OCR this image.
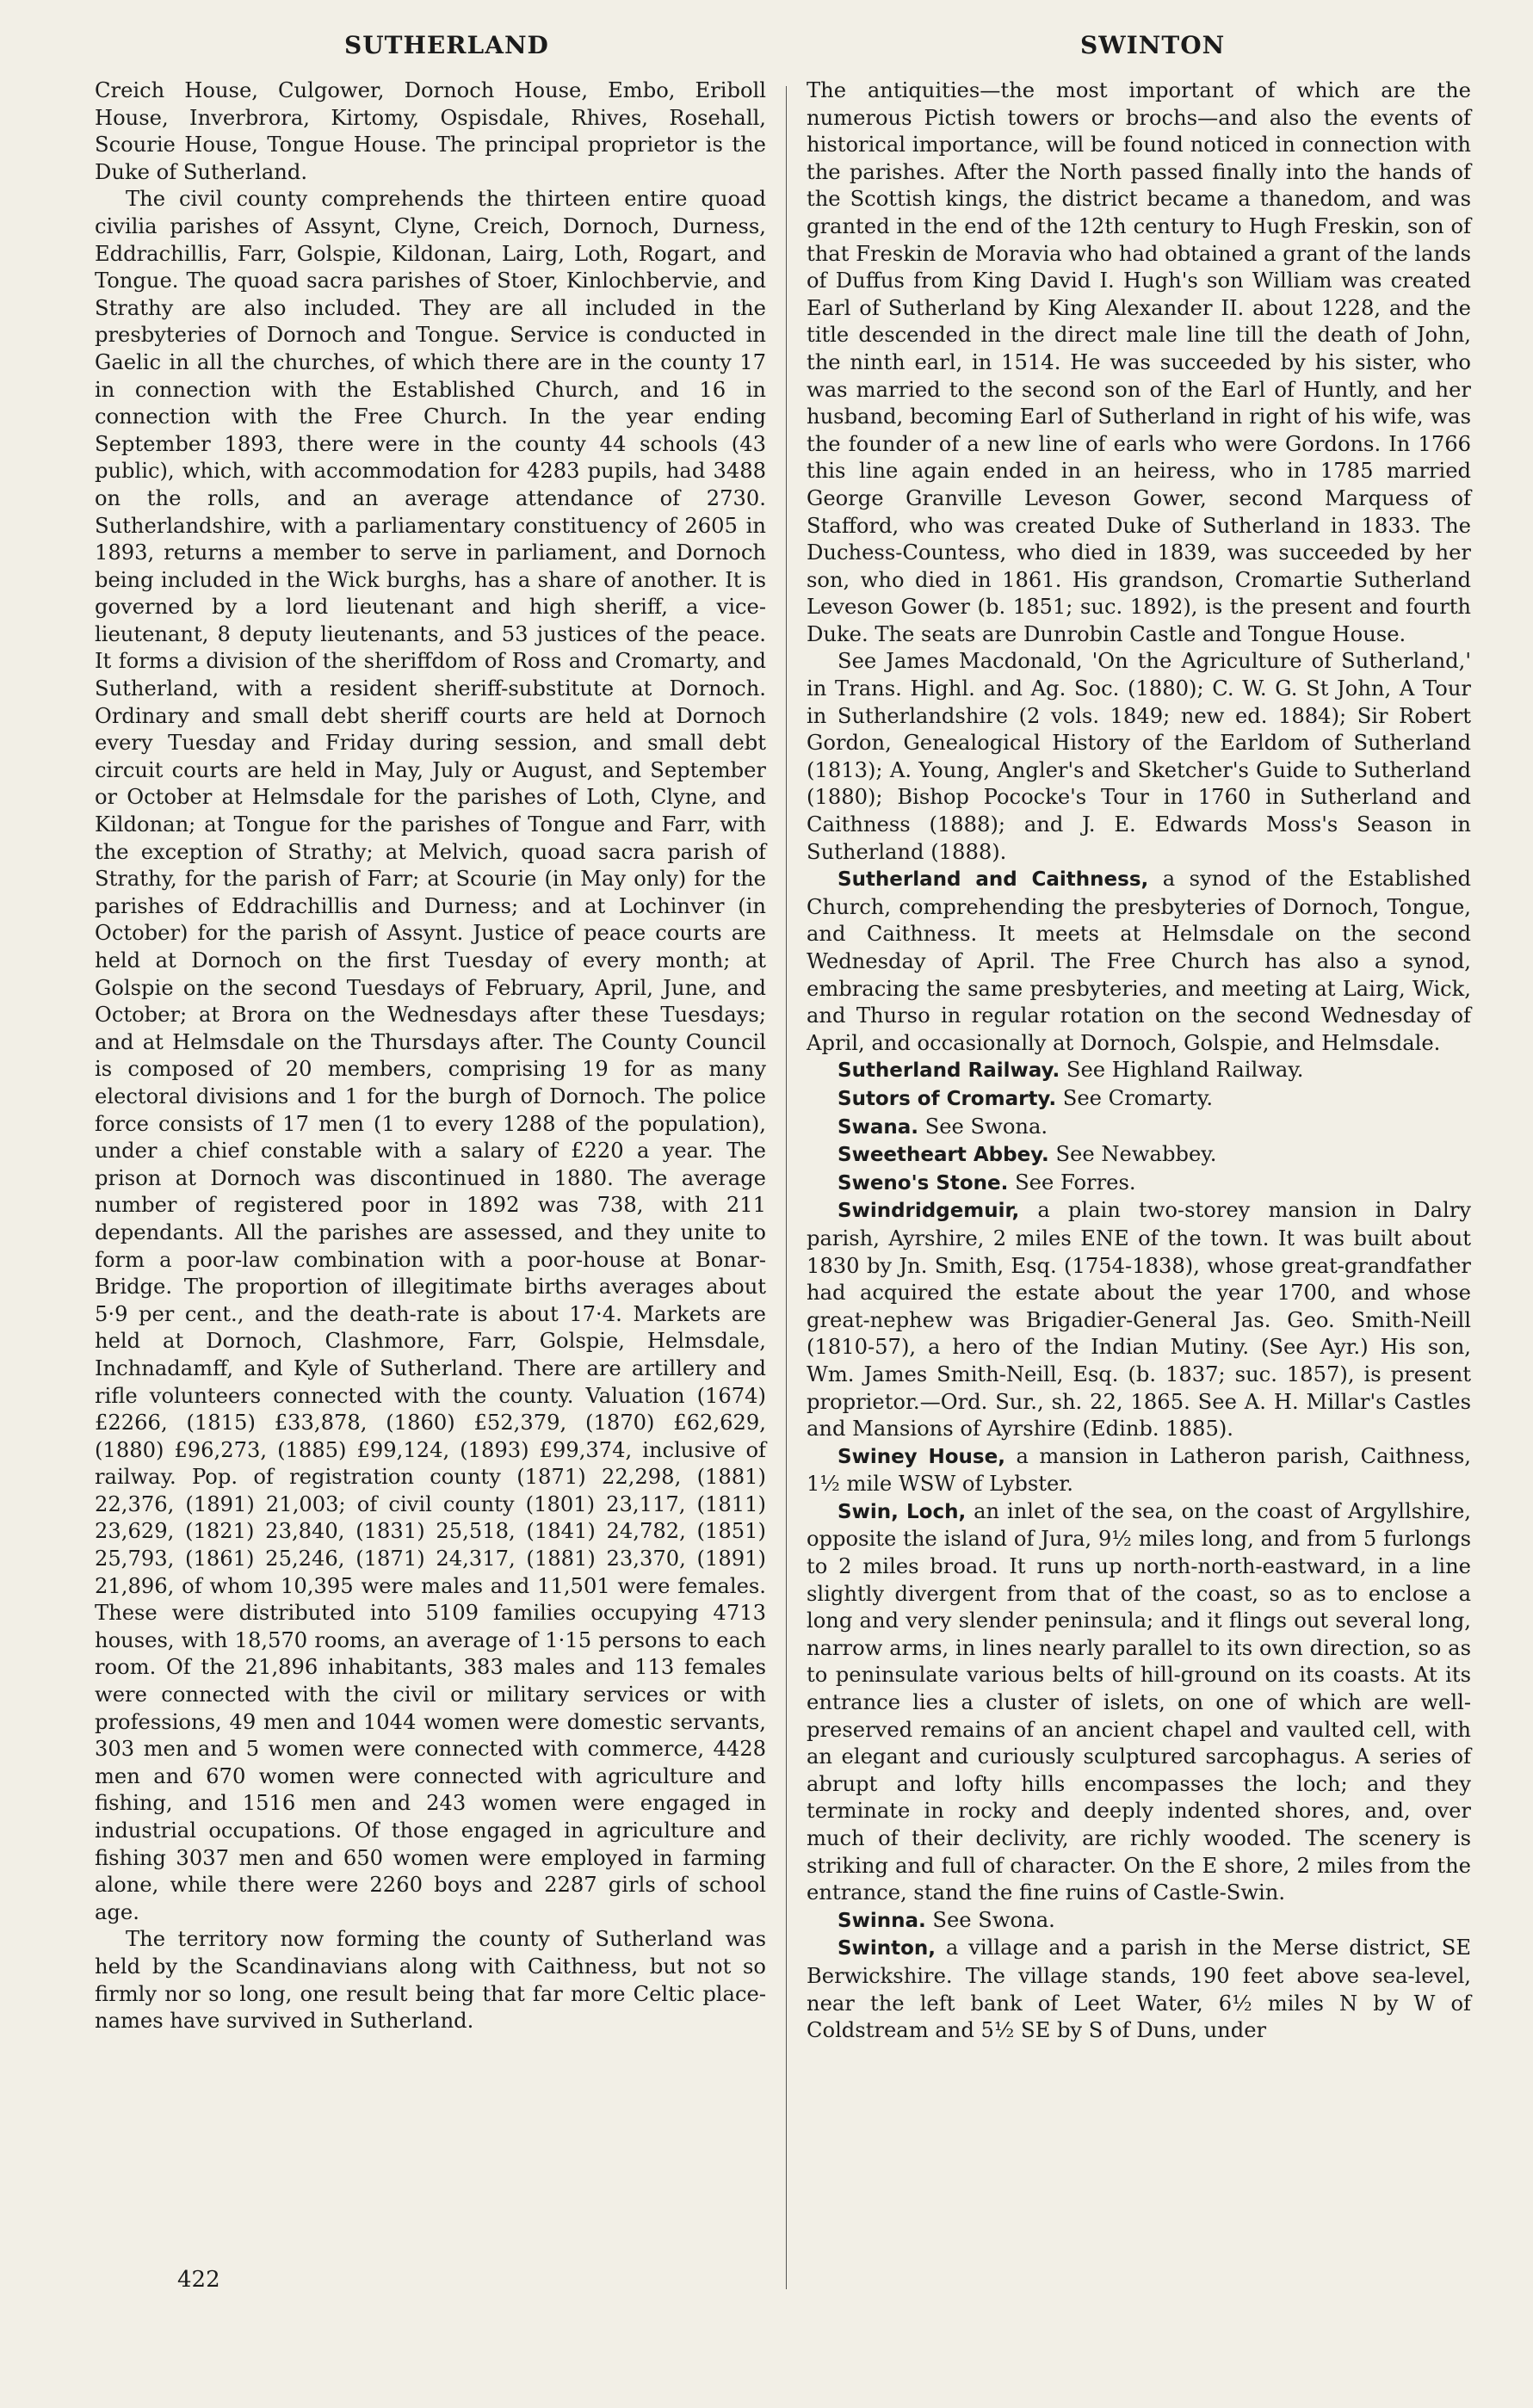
SUTHERLAND	SWINTON

Creich House, Culgower, Dornoch House, Embo, Eriboll House, Inverbrora, Kirtomy, Ospisdale, Rhives, Rosehall, Scourie House, Tongue House. The principal proprietor is the Duke of Sutherland.

The civil county comprehends the thirteen entire quoad civilia parishes of Assynt, Clyne, Creich, Dornoch, Durness, Eddrachillis, Farr, Golspie, Kildonan, Lairg, Loth, Rogart, and Tongue. The quoad sacra parishes of Stoer, Kinlochbervie, and Strathy are also included. They are all included in the presbyteries of Dornoch and Tongue. Service is conducted in Gaelic in all the churches, of which there are in the county 17 in connection with the Established Church, and 16 in connection with the Free Church. In the year ending September 1893, there were in the county 44 schools (43 public), which, with accommodation for 4283 pupils, had 3488 on the rolls, and an average attendance of 2730. Sutherlandshire, with a parliamentary constituency of 2605 in 1893, returns a member to serve in parliament, and Dornoch being included in the Wick burghs, has a share of another. It is governed by a lord lieutenant and high sheriff, a vice-lieutenant, 8 deputy lieutenants, and 53 justices of the peace. It forms a division of the sheriffdom of Ross and Cromarty, and Sutherland, with a resident sheriff-substitute at Dornoch. Ordinary and small debt sheriff courts are held at Dornoch every Tuesday and Friday during session, and small debt circuit courts are held in May, July or August, and September or October at Helmsdale for the parishes of Loth, Clyne, and Kildonan; at Tongue for the parishes of Tongue and Farr, with the exception of Strathy; at Melvich, quoad sacra parish of Strathy, for the parish of Farr; at Scourie (in May only) for the parishes of Eddrachillis and Durness; and at Lochinver (in October) for the parish of Assynt. Justice of peace courts are held at Dornoch on the first Tuesday of every month; at Golspie on the second Tuesdays of February, April, June, and October; at Brora on the Wednesdays after these Tuesdays; and at Helmsdale on the Thursdays after. The County Council is composed of 20 members, comprising 19 for as many electoral divisions and 1 for the burgh of Dornoch. The police force consists of 17 men (1 to every 1288 of the population), under a chief constable with a salary of £220 a year. The prison at Dornoch was discontinued in 1880. The average number of registered poor in 1892 was 738, with 211 dependants. All the parishes are assessed, and they unite to form a poor-law combination with a poor-house at Bonar-Bridge. The proportion of illegitimate births averages about 5·9 per cent., and the death-rate is about 17·4. Markets are held at Dornoch, Clashmore, Farr, Golspie, Helmsdale, Inchnadamff, and Kyle of Sutherland. There are artillery and rifle volunteers connected with the county. Valuation (1674) £2266, (1815) £33,878, (1860) £52,379, (1870) £62,629, (1880) £96,273, (1885) £99,124, (1893) £99,374, inclusive of railway. Pop. of registration county (1871) 22,298, (1881) 22,376, (1891) 21,003; of civil county (1801) 23,117, (1811) 23,629, (1821) 23,840, (1831) 25,518, (1841) 24,782, (1851) 25,793, (1861) 25,246, (1871) 24,317, (1881) 23,370, (1891) 21,896, of whom 10,395 were males and 11,501 were females. These were distributed into 5109 families occupying 4713 houses, with 18,570 rooms, an average of 1·15 persons to each room. Of the 21,896 inhabitants, 383 males and 113 females were connected with the civil or military services or with professions, 49 men and 1044 women were domestic servants, 303 men and 5 women were connected with commerce, 4428 men and 670 women were connected with agriculture and fishing, and 1516 men and 243 women were engaged in industrial occupations. Of those engaged in agriculture and fishing 3037 men and 650 women were employed in farming alone, while there were 2260 boys and 2287 girls of school age.

The territory now forming the county of Sutherland was held by the Scandinavians along with Caithness, but not so firmly nor so long, one result being that far more Celtic place-names have survived in Sutherland.

The antiquities—the most important of which are the numerous Pictish towers or brochs—and also the events of historical importance, will be found noticed in connection with the parishes. After the North passed finally into the hands of the Scottish kings, the district became a thanedom, and was granted in the end of the 12th century to Hugh Freskin, son of that Freskin de Moravia who had obtained a grant of the lands of Duffus from King David I. Hugh's son William was created Earl of Sutherland by King Alexander II. about 1228, and the title descended in the direct male line till the death of John, the ninth earl, in 1514. He was succeeded by his sister, who was married to the second son of the Earl of Huntly, and her husband, becoming Earl of Sutherland in right of his wife, was the founder of a new line of earls who were Gordons. In 1766 this line again ended in an heiress, who in 1785 married George Granville Leveson Gower, second Marquess of Stafford, who was created Duke of Sutherland in 1833. The Duchess-Countess, who died in 1839, was succeeded by her son, who died in 1861. His grandson, Cromartie Sutherland Leveson Gower (b. 1851; suc. 1892), is the present and fourth Duke. The seats are Dunrobin Castle and Tongue House.

See James Macdonald, 'On the Agriculture of Sutherland,' in Trans. Highl. and Ag. Soc. (1880); C. W. G. St John, A Tour in Sutherlandshire (2 vols. 1849; new ed. 1884); Sir Robert Gordon, Genealogical History of the Earldom of Sutherland (1813); A. Young, Angler's and Sketcher's Guide to Sutherland (1880); Bishop Pococke's Tour in 1760 in Sutherland and Caithness (1888); and J. E. Edwards Moss's Season in Sutherland (1888).

Sutherland and Caithness, a synod of the Established Church, comprehending the presbyteries of Dornoch, Tongue, and Caithness. It meets at Helmsdale on the second Wednesday of April. The Free Church has also a synod, embracing the same presbyteries, and meeting at Lairg, Wick, and Thurso in regular rotation on the second Wednesday of April, and occasionally at Dornoch, Golspie, and Helmsdale.

Sutherland Railway. See Highland Railway.

Sutors of Cromarty. See Cromarty.

Swana. See Swona.

Sweetheart Abbey. See Newabbey.

Sweno's Stone. See Forres.

Swindridgemuir, a plain two-storey mansion in Dalry parish, Ayrshire, 2 miles ENE of the town. It was built about 1830 by Jn. Smith, Esq. (1754-1838), whose great-grandfather had acquired the estate about the year 1700, and whose great-nephew was Brigadier-General Jas. Geo. Smith-Neill (1810-57), a hero of the Indian Mutiny. (See Ayr.) His son, Wm. James Smith-Neill, Esq. (b. 1837; suc. 1857), is present proprietor.—Ord. Sur., sh. 22, 1865. See A. H. Millar's Castles and Mansions of Ayrshire (Edinb. 1885).

Swiney House, a mansion in Latheron parish, Caithness, 1½ mile WSW of Lybster.

Swin, Loch, an inlet of the sea, on the coast of Argyllshire, opposite the island of Jura, 9½ miles long, and from 5 furlongs to 2 miles broad. It runs up north-north-eastward, in a line slightly divergent from that of the coast, so as to enclose a long and very slender peninsula; and it flings out several long, narrow arms, in lines nearly parallel to its own direction, so as to peninsulate various belts of hill-ground on its coasts. At its entrance lies a cluster of islets, on one of which are well-preserved remains of an ancient chapel and vaulted cell, with an elegant and curiously sculptured sarcophagus. A series of abrupt and lofty hills encompasses the loch; and they terminate in rocky and deeply indented shores, and, over much of their declivity, are richly wooded. The scenery is striking and full of character. On the E shore, 2 miles from the entrance, stand the fine ruins of Castle-Swin.

Swinna. See Swona.

Swinton, a village and a parish in the Merse district, SE Berwickshire. The village stands, 190 feet above sea-level, near the left bank of Leet Water, 6½ miles N by W of Coldstream and 5½ SE by S of Duns, under

422
